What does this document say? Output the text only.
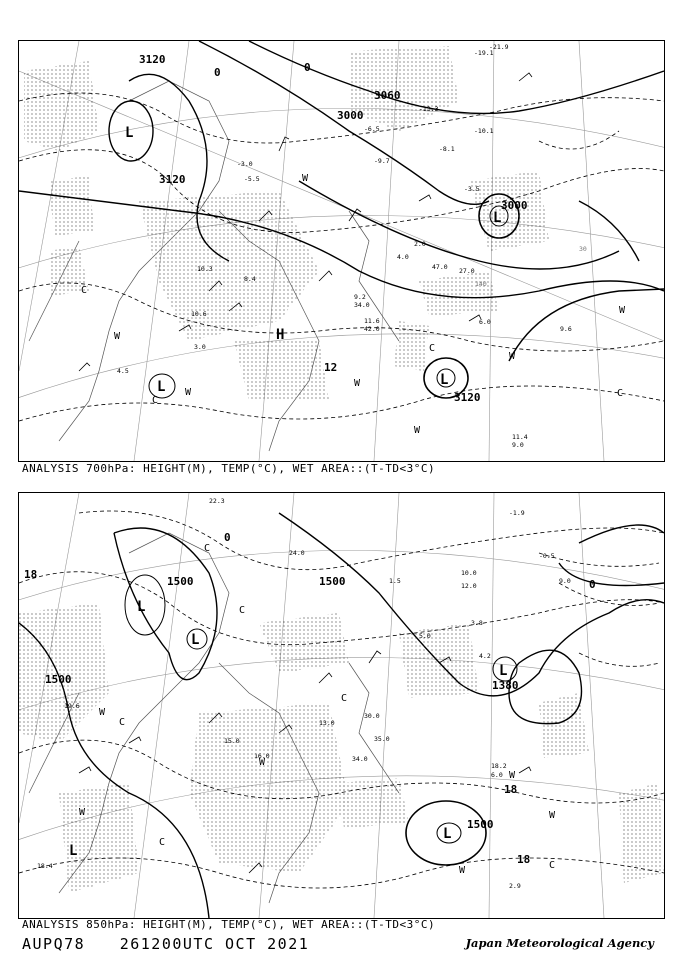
30
3120
3000
3060
3000
3120
3120
12
0	0
L
L
L
L
H
C
C
W
W
W
W
W
W
C
W
C
-21.9
-19.1
-13.3
-10.1
-6.5
-8.1
-9.7
-3.5
-3.0
-5.5
2.0
4.0
8.4
10.3
9.2
11.6
10.6
4.5
9.6
11.4
3.0
9.0
6.0
34.0
42.0
47.0 27.0
ANALYSIS 700hPa: HEIGHT(M), TEMP(°C), WET AREA::(T-TD<3°C)
1500	1500
1500	1380
1500
18
18
18
0
0
L
L
L
L
L
C
C
C
C
W
W
W
W
W
W
C
C
-1.9
-0.5
1.5	9.0
10.0
12.0
4.2
3.8
5.0
13.0
15.0
16.0
18.2
18.4
19.6
6.0
2.9
35.0
30.0
34.0
22.3
24.0
ANALYSIS 850hPa: HEIGHT(M), TEMP(°C), WET AREA::(T-TD<3°C)
AUPQ78 261200UTC OCT 2021	Japan Meteorological Agency
